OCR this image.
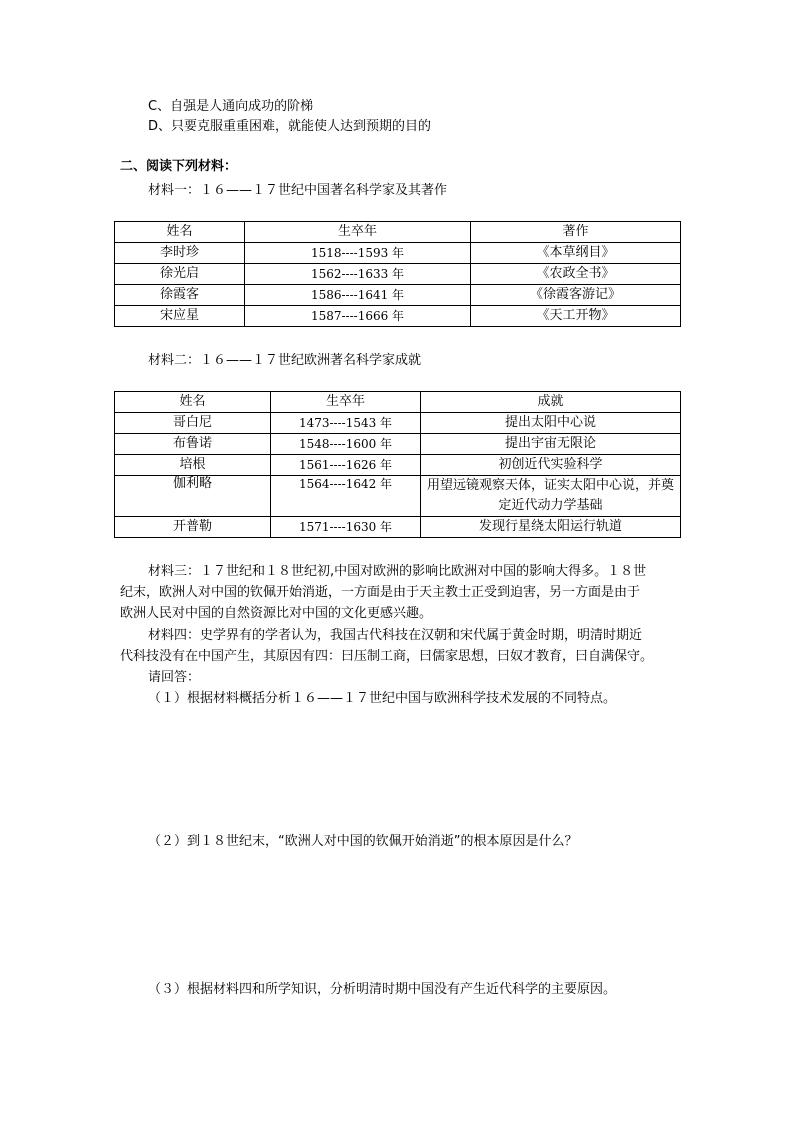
C、自强是人通向成功的阶梯
D、只要克服重重困难，就能使人达到预期的目的
二、阅读下列材料：
材料一：１６——１７世纪中国著名科学家及其著作
姓名	生卒年	著作
李时珍	1518----1593 年	《本草纲目》
徐光启	1562----1633 年	《农政全书》
徐霞客	1586----1641 年	《徐霞客游记》
宋应星	1587----1666 年	《天工开物》
材料二：１６——１７世纪欧洲著名科学家成就
姓名	生卒年	成就
哥白尼	1473----1543 年	提出太阳中心说
布鲁诺	1548----1600 年	提出宇宙无限论
培根	1561----1626 年	初创近代实验科学
伽利略	1564----1642 年	用望远镜观察天体，证实太阳中心说，并奠定近代动力学基础
开普勒	1571----1630 年	发现行星绕太阳运行轨道
材料三：１７世纪和１８世纪初,中国对欧洲的影响比欧洲对中国的影响大得多。１８世
纪末，欧洲人对中国的钦佩开始消逝，一方面是由于天主教士正受到迫害，另一方面是由于
欧洲人民对中国的自然资源比对中国的文化更感兴趣。
材料四：史学界有的学者认为，我国古代科技在汉朝和宋代属于黄金时期，明清时期近
代科技没有在中国产生，其原因有四：曰压制工商，曰儒家思想，曰奴才教育，曰自满保守。
请回答：
（１）根据材料概括分析１６——１７世纪中国与欧洲科学技术发展的不同特点。
（２）到１８世纪末，“欧洲人对中国的钦佩开始消逝”的根本原因是什么？
（３）根据材料四和所学知识，分析明清时期中国没有产生近代科学的主要原因。
